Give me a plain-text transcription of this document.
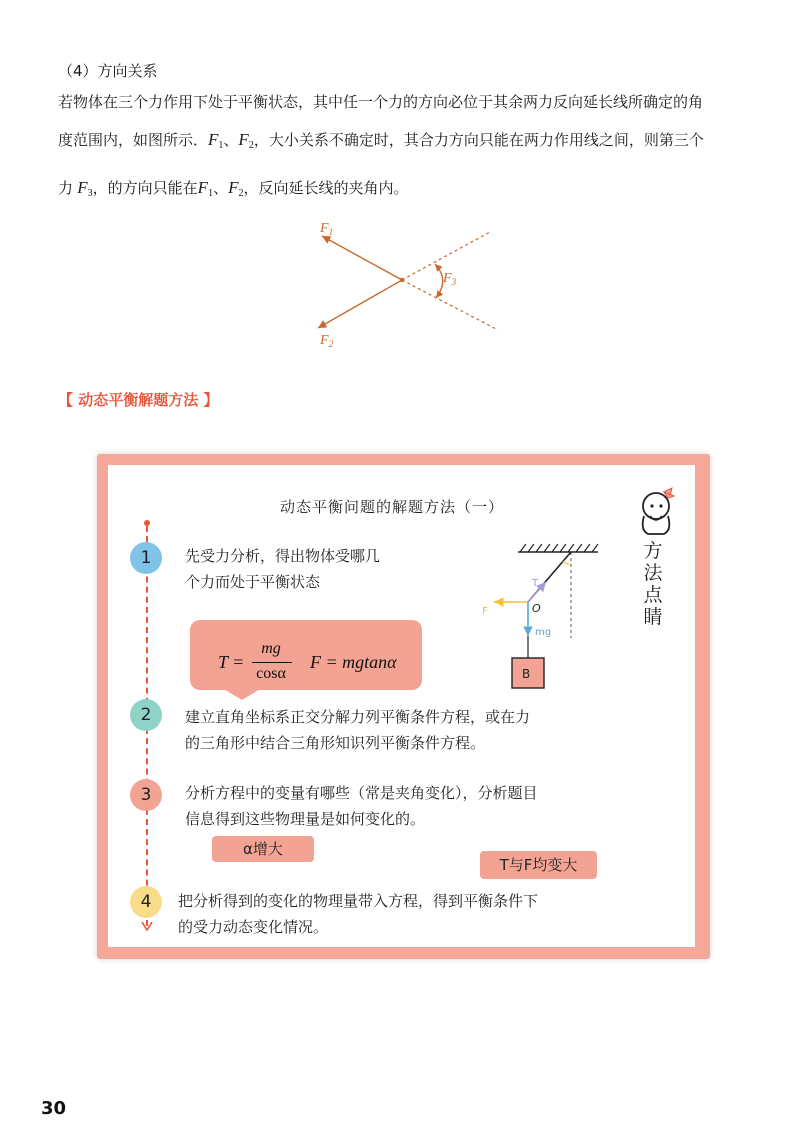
（4）方向关系
若物体在三个力作用下处于平衡状态，其中任一个力的方向必位于其余两力反向延长线所确定的角
度范围内，如图所示．$F_1$、$F_2$，大小关系不确定时，其合力方向只能在两力作用线之间，则第三个
力 $F_3$，的方向只能在$F_1$、$F_2$，反向延长线的夹角内。
$F_1$
$F_2$
$F_3$
【 动态平衡解题方法 】
动态平衡问题的解题方法（一）
方法点睛
1
2
3
4
先受力分析，得出物体受哪几
个力而处于平衡状态
建立直角坐标系正交分解力列平衡条件方程，或在力
的三角形中结合三角形知识列平衡条件方程。
分析方程中的变量有哪些（常是夹角变化），分析题目
信息得到这些物理量是如何变化的。
把分析得到的变化的物理量带入方程，得到平衡条件下
的受力动态变化情况。
T =
mg
cosα
F = mgtanα
α增大
T与F均变大
T
F	O
mg
B
30
